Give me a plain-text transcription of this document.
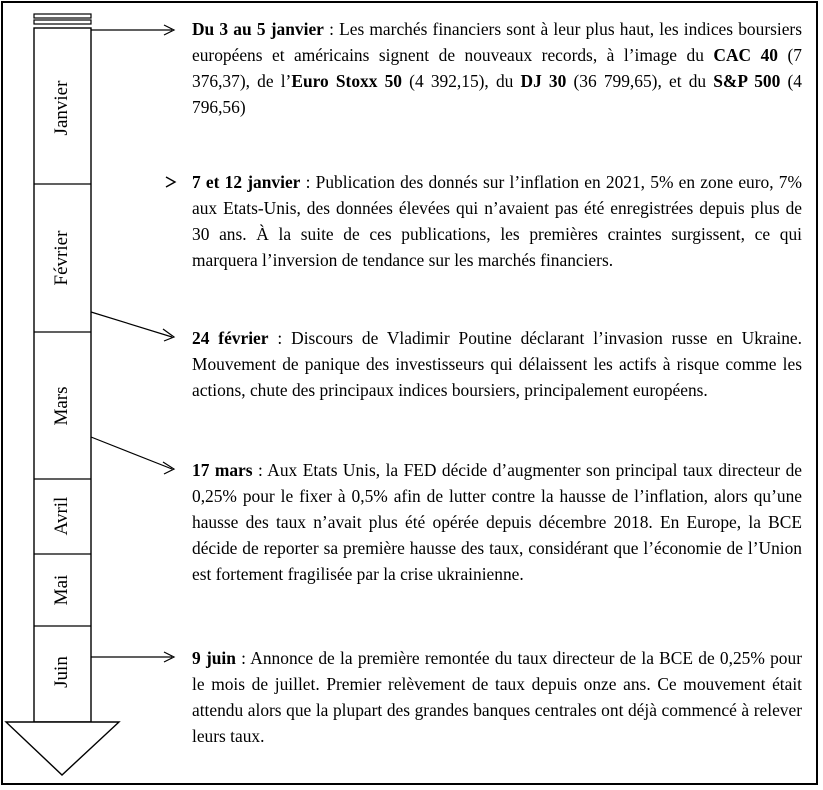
Janvier
Février
Mars
Avril
Mai
Juin
Du 3 au 5 janvier : Les marchés financiers sont à leur plus haut, les indices boursiers européens et américains signent de nouveaux records, à l’image du CAC 40 (7 376,37), de l’Euro Stoxx 50 (4 392,15), du DJ 30 (36 799,65), et du S&P 500 (4 796,56)
7 et 12 janvier : Publication des donnés sur l’inflation en 2021, 5% en zone euro, 7% aux Etats-Unis, des données élevées qui n’avaient pas été enregistrées depuis plus de 30 ans. À la suite de ces publications, les premières craintes surgissent, ce qui marquera l’inversion de tendance sur les marchés financiers.
24 février : Discours de Vladimir Poutine déclarant l’invasion russe en Ukraine. Mouvement de panique des investisseurs qui délaissent les actifs à risque comme les actions, chute des principaux indices boursiers, principalement européens.
17 mars : Aux Etats Unis, la FED décide d’augmenter son principal taux directeur de 0,25% pour le fixer à 0,5% afin de lutter contre la hausse de l’inflation, alors qu’une hausse des taux n’avait plus été opérée depuis décembre 2018. En Europe, la BCE décide de reporter sa première hausse des taux, considérant que l’économie de l’Union est fortement fragilisée par la crise ukrainienne.
9 juin : Annonce de la première remontée du taux directeur de la BCE de 0,25% pour le mois de juillet. Premier relèvement de taux depuis onze ans. Ce mouvement était attendu alors que la plupart des grandes banques centrales ont déjà commencé à relever leurs taux.
